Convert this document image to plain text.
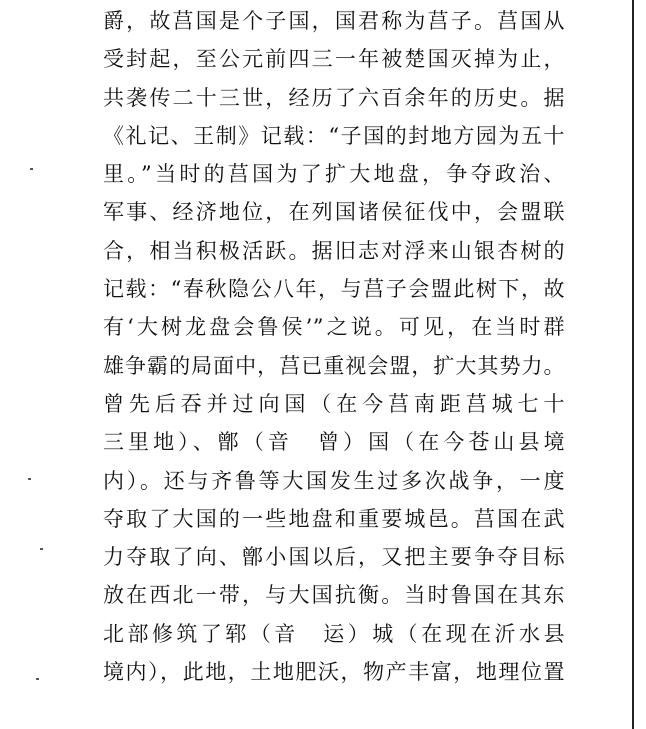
爵，故莒国是个子国，国君称为莒子。莒国从
受封起，至公元前四三一年被楚国灭掉为止，
共袭传二十三世，经历了六百余年的历史。据
《礼记、王制》记载：“子国的封地方园为五十
里。”当时的莒国为了扩大地盘，争夺政治、
军事、经济地位，在列国诸侯征伐中，会盟联
合，相当积极活跃。据旧志对浮来山银杏树的
记载：“春秋隐公八年，与莒子会盟此树下，故
有‘大树龙盘会鲁侯’”之说。可见，在当时群
雄争霸的局面中，莒已重视会盟，扩大其势力。
曾先后吞并过向国（在今莒南距莒城七十
三里地）、鄫（音　曾）国（在今苍山县境
内）。还与齐鲁等大国发生过多次战争，一度
夺取了大国的一些地盘和重要城邑。莒国在武
力夺取了向、鄫小国以后，又把主要争夺目标
放在西北一带，与大国抗衡。当时鲁国在其东
北部修筑了郓（音　运）城（在现在沂水县
境内），此地，土地肥沃，物产丰富，地理位置
